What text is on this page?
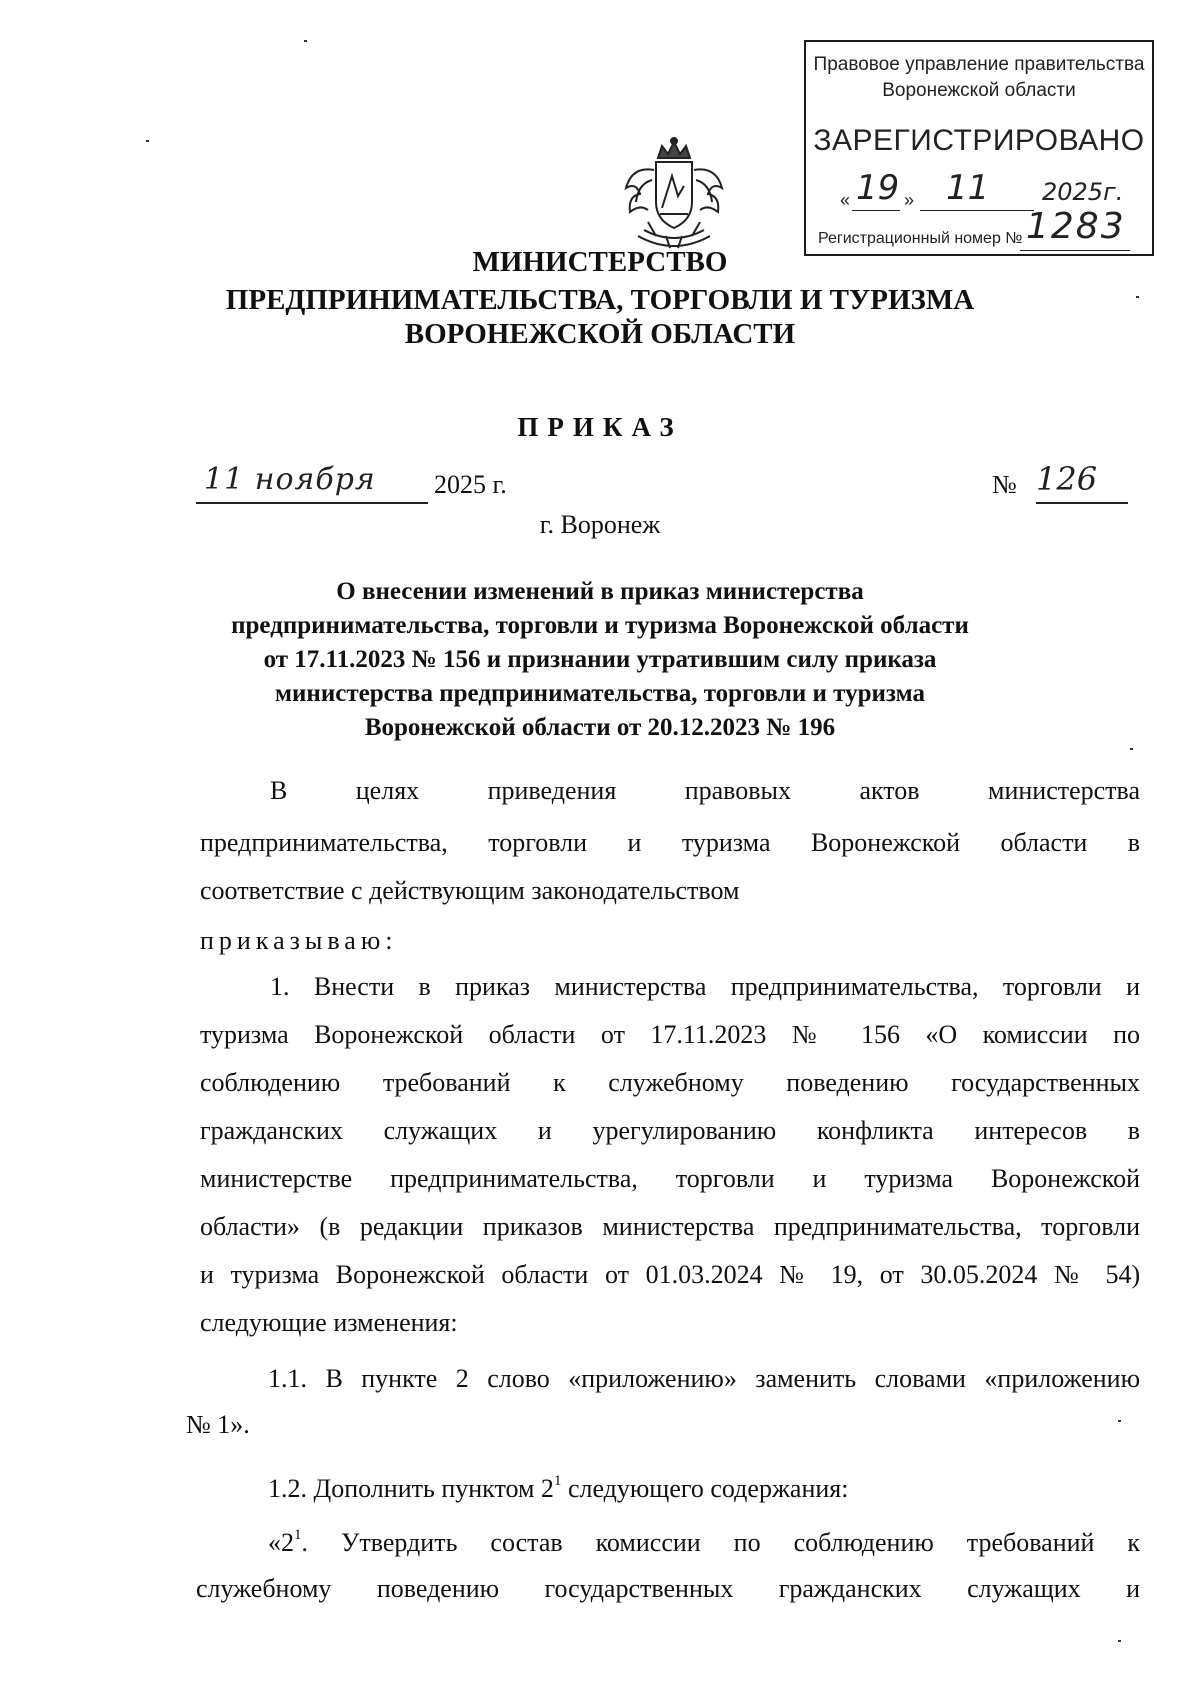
Правовое управление правительства
Воронежской области
ЗАРЕГИСТРИРОВАНО
« 19 » 11 2025г.
Регистрационный номер № 1283
МИНИСТЕРСТВО
ПРЕДПРИНИМАТЕЛЬСТВА, ТОРГОВЛИ И ТУРИЗМА
ВОРОНЕЖСКОЙ ОБЛАСТИ
ПРИКАЗ
11 ноября 2025 г.	№ 126
г. Воронеж
О внесении изменений в приказ министерства
предпринимательства, торговли и туризма Воронежской области
от 17.11.2023 № 156 и признании утратившим силу приказа
министерства предпринимательства, торговли и туризма
Воронежской области от 20.12.2023 № 196
В	целях	приведения	правовых	актов	министерства
предпринимательства, торговли и туризма Воронежской области в
соответствие с действующим законодательством
приказываю:
1. Внести в приказ министерства предпринимательства, торговли и
туризма Воронежской области от 17.11.2023 № 156 «О комиссии по
соблюдению требований к служебному поведению государственных
гражданских служащих и урегулированию конфликта интересов в
министерстве предпринимательства, торговли и туризма Воронежской
области» (в редакции приказов министерства предпринимательства, торговли
и туризма Воронежской области от 01.03.2024 № 19, от 30.05.2024 № 54)
следующие изменения:
1.1. В пункте 2 слово «приложению» заменить словами «приложению
№ 1».
1.2. Дополнить пунктом $2^1$ следующего содержания:
«$2^1$. Утвердить состав комиссии по соблюдению требований к
служебному поведению государственных гражданских служащих и
